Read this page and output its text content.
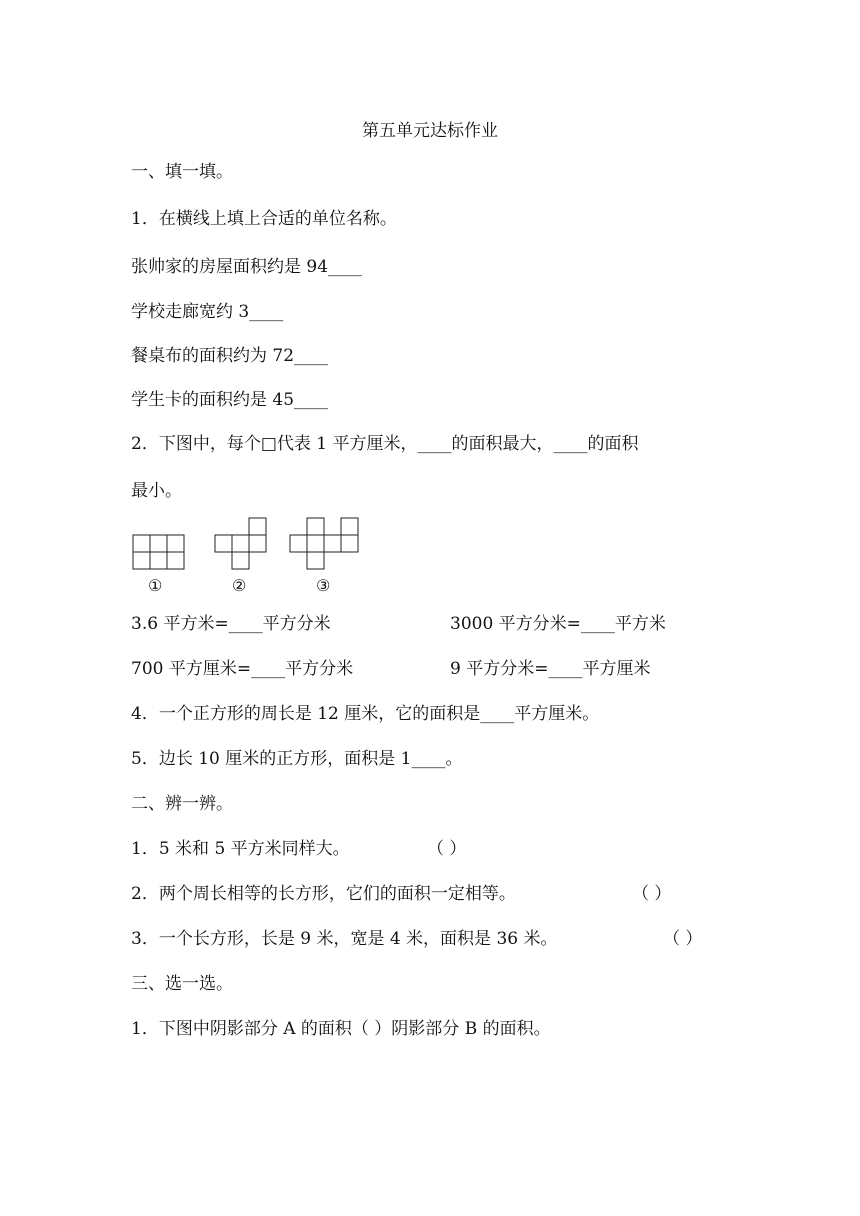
第五单元达标作业
一、填一填。
1．在横线上填上合适的单位名称。
张帅家的房屋面积约是 94____
学校走廊宽约 3____
餐桌布的面积约为 72____
学生卡的面积约是 45____
2．下图中，每个□代表 1 平方厘米，____的面积最大，____的面积
最小。
①	②	③
3.6 平方米=____平方分米	3000 平方分米=____平方米
700 平方厘米=____平方分米	9 平方分米=____平方厘米
4．一个正方形的周长是 12 厘米，它的面积是____平方厘米。
5．边长 10 厘米的正方形，面积是 1____。
二、辨一辨。
1．5 米和 5 平方米同样大。	（ ）
2．两个周长相等的长方形，它们的面积一定相等。	（ ）
3．一个长方形，长是 9 米，宽是 4 米，面积是 36 米。	（ ）
三、选一选。
1．下图中阴影部分 A 的面积（ ）阴影部分 B 的面积。
